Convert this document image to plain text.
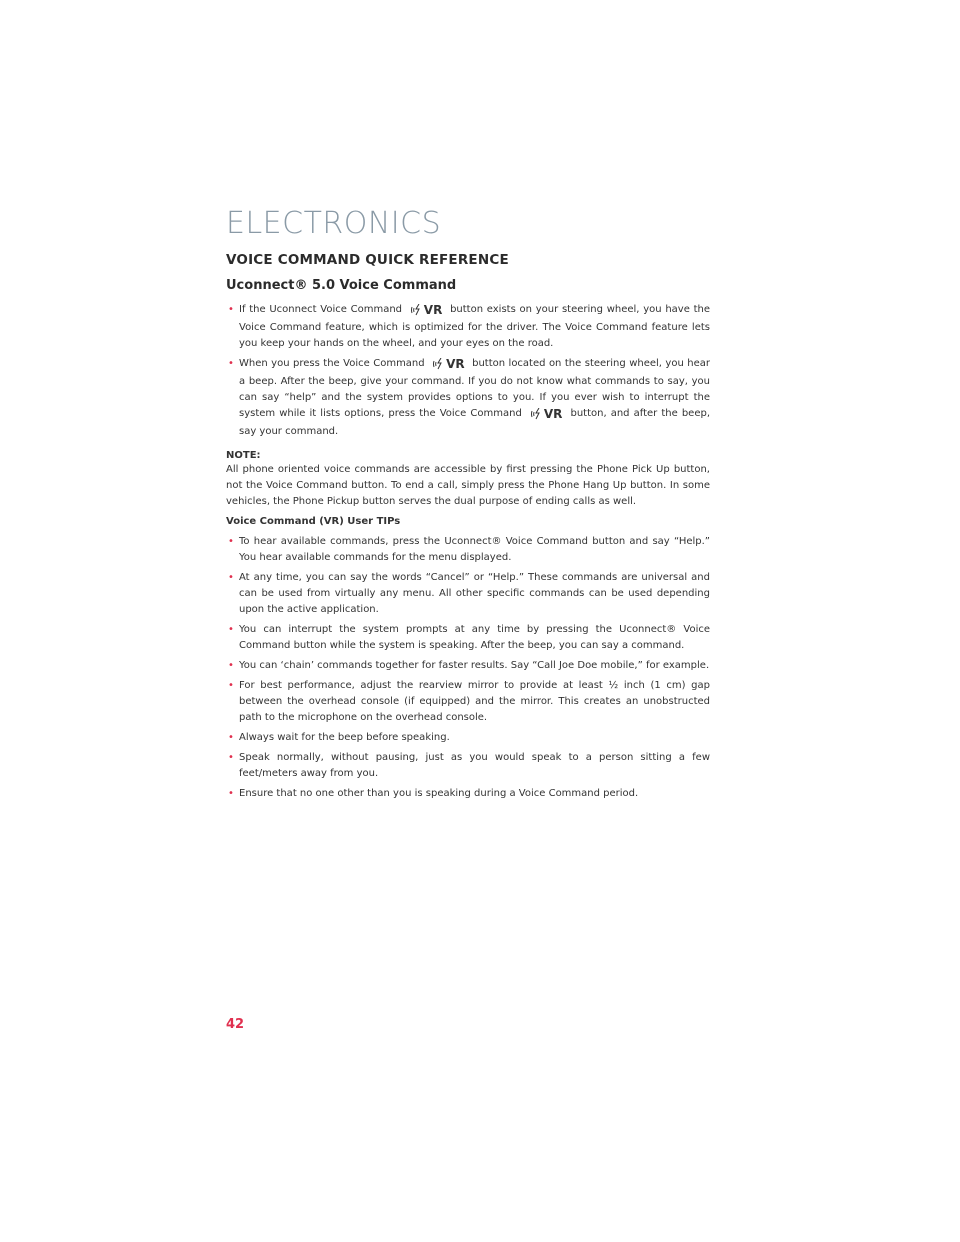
ELECTRONICS
VOICE COMMAND QUICK REFERENCE
Uconnect® 5.0 Voice Command
• If the Uconnect Voice Command VR button exists on your steering wheel, you have the Voice Command feature, which is optimized for the driver. The Voice Command feature lets you keep your hands on the wheel, and your eyes on the road.
• When you press the Voice Command VR button located on the steering wheel, you hear a beep. After the beep, give your command. If you do not know what commands to say, you can say “help” and the system provides options to you. If you ever wish to interrupt the system while it lists options, press the Voice Command VR button, and after the beep, say your command.
NOTE:

All phone oriented voice commands are accessible by first pressing the Phone Pick Up button, not the Voice Command button. To end a call, simply press the Phone Hang Up button. In some vehicles, the Phone Pickup button serves the dual purpose of ending calls as well.

Voice Command (VR) User TIPs
• To hear available commands, press the Uconnect® Voice Command button and say “Help.” You hear available commands for the menu displayed.
• At any time, you can say the words “Cancel” or “Help.” These commands are universal and can be used from virtually any menu. All other specific commands can be used depending upon the active application.
• You can interrupt the system prompts at any time by pressing the Uconnect® Voice Command button while the system is speaking. After the beep, you can say a command.
• You can ‘chain’ commands together for faster results. Say “Call Joe Doe mobile,” for example.
• For best performance, adjust the rearview mirror to provide at least ½ inch (1 cm) gap between the overhead console (if equipped) and the mirror. This creates an unobstructed path to the microphone on the overhead console.
• Always wait for the beep before speaking.
• Speak normally, without pausing, just as you would speak to a person sitting a few feet/meters away from you.
• Ensure that no one other than you is speaking during a Voice Command period.
42
